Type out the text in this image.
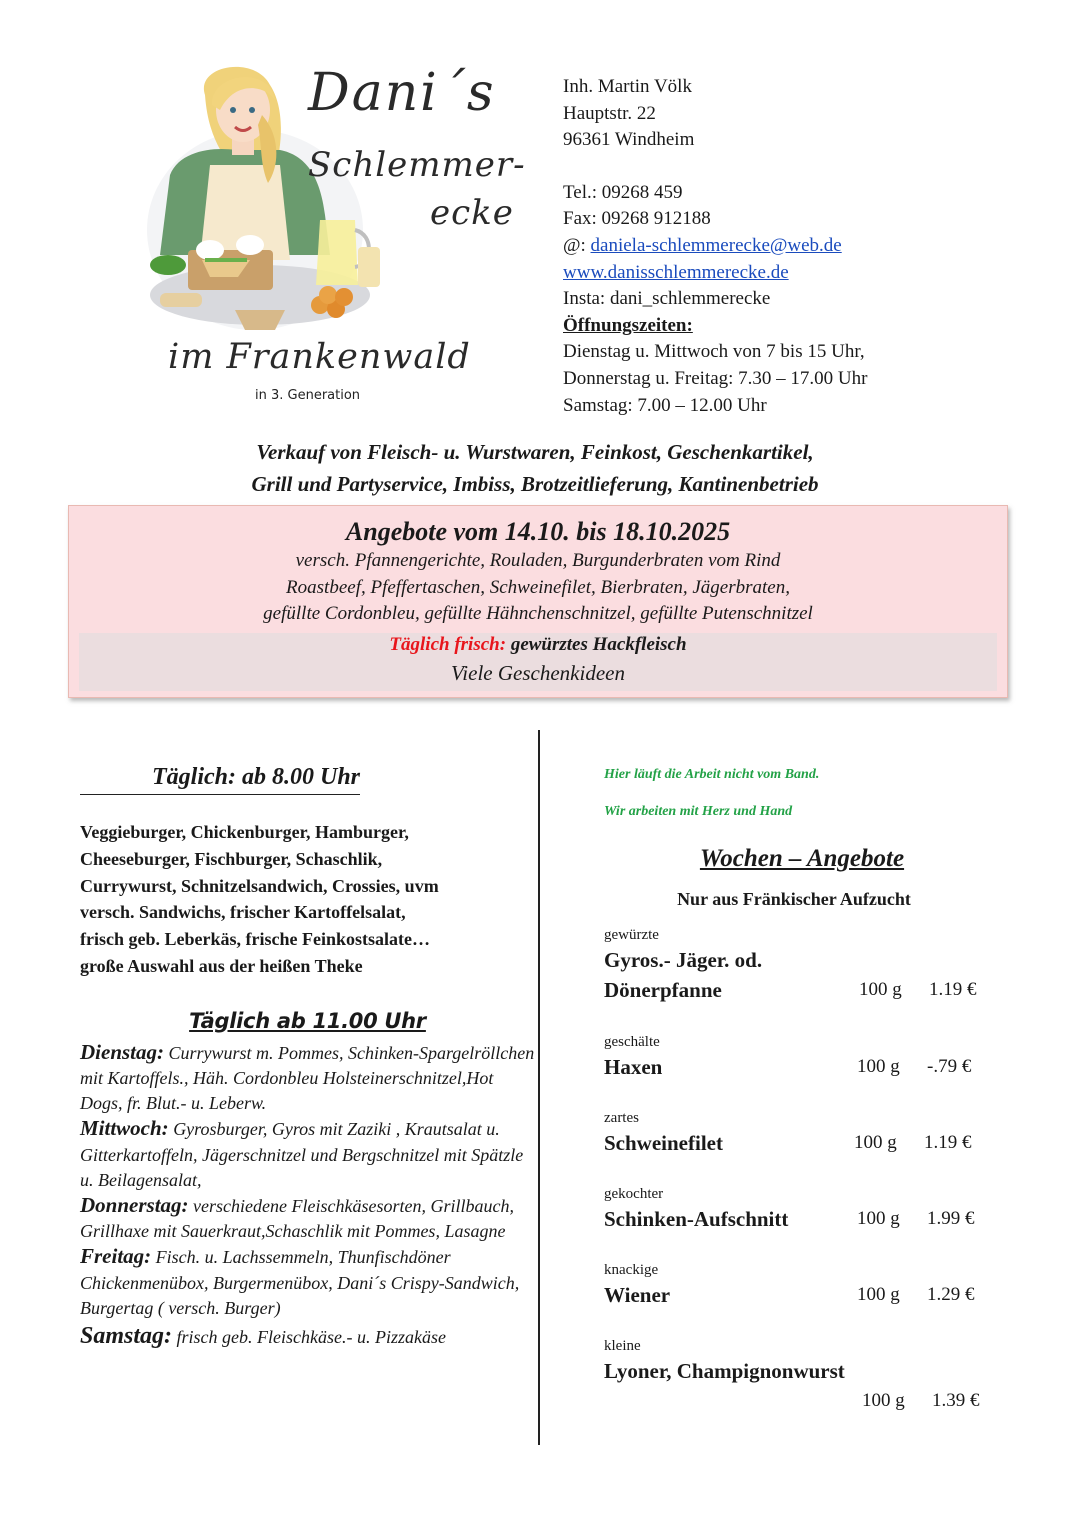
Dani´s
Schlemmer-
ecke
im Frankenwald
in 3. Generation
Inh. Martin Völk
Hauptstr. 22
96361 Windheim
Tel.: 09268 459
Fax: 09268 912188
@: daniela-schlemmerecke@web.de
www.danisschlemmerecke.de
Insta: dani_schlemmerecke
Öffnungszeiten:
Dienstag u. Mittwoch von 7 bis 15 Uhr,
Donnerstag u. Freitag: 7.30 – 17.00 Uhr
Samstag: 7.00 – 12.00 Uhr
Verkauf von Fleisch- u. Wurstwaren, Feinkost, Geschenkartikel,
Grill und Partyservice, Imbiss, Brotzeitlieferung, Kantinenbetrieb
Angebote vom 14.10. bis 18.10.2025
versch. Pfannengerichte, Rouladen, Burgunderbraten vom Rind
Roastbeef, Pfeffertaschen, Schweinefilet, Bierbraten, Jägerbraten,
gefüllte Cordonbleu, gefüllte Hähnchenschnitzel, gefüllte Putenschnitzel
Täglich frisch: gewürztes Hackfleisch
Viele Geschenkideen
Täglich: ab 8.00 Uhr
Veggieburger, Chickenburger, Hamburger,
Cheeseburger, Fischburger, Schaschlik,
Currywurst, Schnitzelsandwich, Crossies, uvm
versch. Sandwichs, frischer Kartoffelsalat,
frisch geb. Leberkäs, frische Feinkostsalate…
große Auswahl aus der heißen Theke
Täglich ab 11.00 Uhr

Dienstag: Currywurst m. Pommes, Schinken-Spargelröllchen mit Kartoffels., Häh. Cordonbleu Holsteinerschnitzel,Hot Dogs, fr. Blut.- u. Leberw.

Mittwoch: Gyrosburger, Gyros mit Zaziki , Krautsalat u. Gitterkartoffeln, Jägerschnitzel und Bergschnitzel mit Spätzle u. Beilagensalat,

Donnerstag: verschiedene Fleischkäsesorten, Grillbauch, Grillhaxe mit Sauerkraut,Schaschlik mit Pommes, Lasagne

Freitag: Fisch. u. Lachssemmeln, Thunfischdöner Chickenmenübox, Burgermenübox, Dani´s Crispy-Sandwich, Burgertag ( versch. Burger)

Samstag: frisch geb. Fleischkäse.- u. Pizzakäse

Hier läuft die Arbeit nicht vom Band.
Wir arbeiten mit Herz und Hand
Wochen – Angebote
Nur aus Fränkischer Aufzucht
gewürzte
Gyros.- Jäger. od.
Dönerpfanne	100 g 1.19 €
geschälte
Haxen	100 g -.79 €
zartes
Schweinefilet	100 g 1.19 €
gekochter
Schinken-Aufschnitt	100 g 1.99 €
knackige
Wiener	100 g 1.29 €
kleine
Lyoner, Champignonwurst
100 g 1.39 €
